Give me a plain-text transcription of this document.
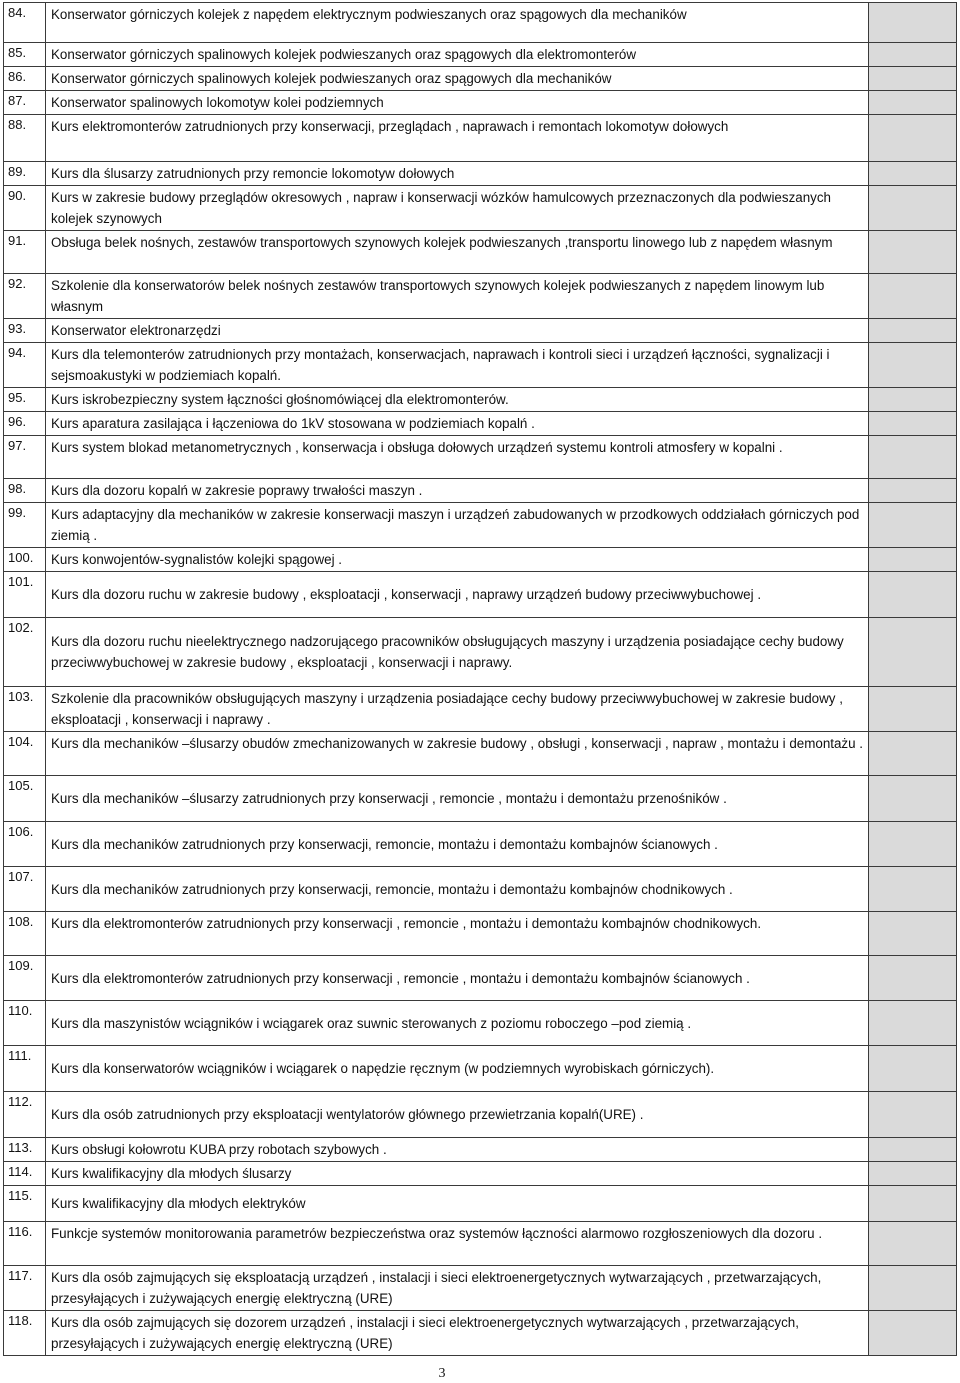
84.	Konserwator górniczych kolejek z napędem elektrycznym podwieszanych oraz spągowych dla mechaników	
85.	Konserwator górniczych spalinowych kolejek podwieszanych oraz spągowych dla elektromonterów	
86.	Konserwator górniczych spalinowych kolejek podwieszanych oraz spągowych dla mechaników	
87.	Konserwator spalinowych lokomotyw kolei podziemnych	
88.	Kurs elektromonterów zatrudnionych przy konserwacji, przeglądach , naprawach i remontach lokomotyw dołowych	
89.	Kurs dla ślusarzy zatrudnionych przy remoncie lokomotyw dołowych	
90.	Kurs w zakresie budowy przeglądów okresowych , napraw i konserwacji wózków hamulcowych przeznaczonych dla podwieszanych kolejek szynowych	
91.	Obsługa belek nośnych, zestawów transportowych szynowych kolejek podwieszanych ,transportu linowego lub z napędem własnym	
92.	Szkolenie dla konserwatorów belek nośnych zestawów transportowych szynowych kolejek podwieszanych z napędem linowym lub własnym	
93.	Konserwator elektronarzędzi	
94.	Kurs dla telemonterów zatrudnionych przy montażach, konserwacjach, naprawach i kontroli sieci i urządzeń łączności, sygnalizacji i sejsmoakustyki w podziemiach kopalń.	
95.	Kurs iskrobezpieczny system łączności głośnomówiącej dla elektromonterów.	
96.	Kurs aparatura zasilająca i łączeniowa do 1kV stosowana w podziemiach kopalń .	
97.	Kurs system blokad metanometrycznych , konserwacja i obsługa dołowych urządzeń systemu kontroli atmosfery w kopalni .	
98.	Kurs dla dozoru kopalń w zakresie poprawy trwałości maszyn .	
99.	Kurs adaptacyjny dla mechaników w zakresie konserwacji maszyn i urządzeń zabudowanych w przodkowych oddziałach górniczych pod ziemią .	
100.	Kurs konwojentów-sygnalistów kolejki spągowej .	
101.	Kurs dla dozoru ruchu w zakresie budowy , eksploatacji , konserwacji , naprawy urządzeń budowy przeciwwybuchowej .	
102.	Kurs dla dozoru ruchu nieelektrycznego nadzorującego pracowników obsługujących maszyny i urządzenia posiadające cechy budowy przeciwwybuchowej w zakresie budowy , eksploatacji , konserwacji i naprawy.	
103.	Szkolenie dla pracowników obsługujących maszyny i urządzenia posiadające cechy budowy przeciwwybuchowej w zakresie budowy , eksploatacji , konserwacji i naprawy .	
104.	Kurs dla mechaników –ślusarzy obudów zmechanizowanych w zakresie budowy , obsługi , konserwacji , napraw , montażu i demontażu .	
105.	Kurs dla mechaników –ślusarzy zatrudnionych przy konserwacji , remoncie , montażu i demontażu przenośników .	
106.	Kurs dla mechaników zatrudnionych przy konserwacji, remoncie, montażu i demontażu kombajnów ścianowych .	
107.	Kurs dla mechaników zatrudnionych przy konserwacji, remoncie, montażu i demontażu kombajnów chodnikowych .	
108.	Kurs dla elektromonterów zatrudnionych przy konserwacji , remoncie , montażu i demontażu kombajnów chodnikowych.	
109.	Kurs dla elektromonterów zatrudnionych przy konserwacji , remoncie , montażu i demontażu kombajnów ścianowych .	
110.	Kurs dla maszynistów wciągników i wciągarek oraz suwnic sterowanych z poziomu roboczego –pod ziemią .	
111.	Kurs dla konserwatorów wciągników i wciągarek o napędzie ręcznym (w podziemnych wyrobiskach górniczych).	
112.	Kurs dla osób zatrudnionych przy eksploatacji wentylatorów głównego przewietrzania kopalń(URE) .	
113.	Kurs obsługi kołowrotu KUBA przy robotach szybowych .	
114.	Kurs kwalifikacyjny dla młodych ślusarzy	
115.	Kurs kwalifikacyjny dla młodych elektryków	
116.	Funkcje systemów monitorowania parametrów bezpieczeństwa oraz systemów łączności alarmowo rozgłoszeniowych dla dozoru .	
117.	Kurs dla osób zajmujących się eksploatacją urządzeń , instalacji i sieci elektroenergetycznych wytwarzających , przetwarzających, przesyłających i zużywających energię elektryczną (URE)	
118.	Kurs dla osób zajmujących się dozorem urządzeń , instalacji i sieci elektroenergetycznych wytwarzających , przetwarzających, przesyłających i zużywających energię elektryczną (URE)	
3
